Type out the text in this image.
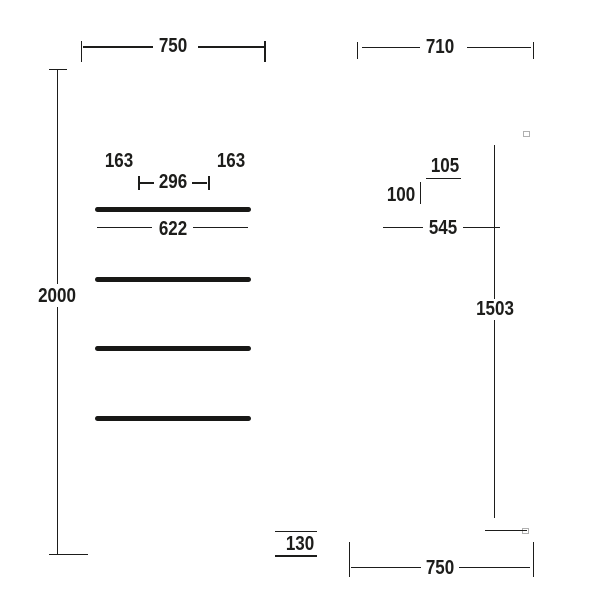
750
2000
163	163
296
622
710
105
100
545
1503
130
750
